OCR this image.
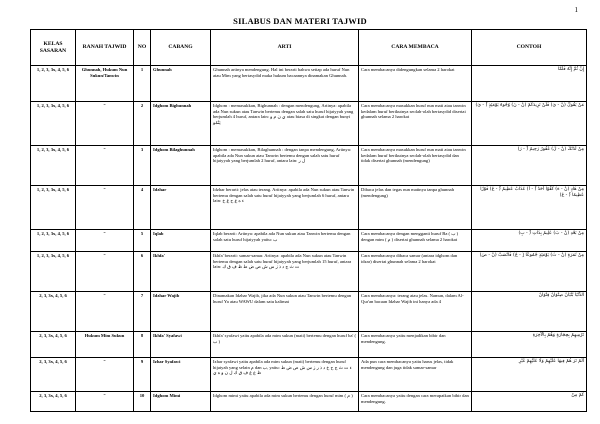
1
SILABUS DAN MATERI TAJWID
KELAS SASARAN	RANAH TAJWID	NO	CABANG	ARTI	CARA MEMBACA	CONTOH
1, 2, 3, 3x, 4, 5, 6	Ghunnah, Hukum Nun Sukun/Tanwin	1	Ghunnah	Ghunnah artinya mendengung. Hal ini berarti bahwa setiap ada huruf Nun atau Mim yang bertasydid maka hukum bacaannya dinamakan Ghunnah.	Cara membacanya didengungkan selama 2 harokat	إِنَّ ثُمَّ إِنَّهُ فَلَمَّا
1, 2, 3, 3x, 4, 5, 6	"	2	Idghom Bighunnah	Idghom : memasukkan, Bighunnah : dengan mendengung, Artinya: apabila ada Nun sukun atau Tanwin bertemu dengan salah satu huruf hijaiyyah yang berjumlah 4 huruf, antara lain: ي ن م و atau biasa di singkat dengan bunyi يَنْمُو	Cara membacanya masukkan huruf nun mati atau tanwin kedalam huruf berikutnya seolah-olah bertasydid disertai ghunnah selama 2 harokat	مَنْ يَقُولُ (نْ - يَ) فَلَنْ نَزِيدَكُمْ (نْ - نَ) وُجُوهٌ يَوْمَئِذٍ (ٌ - يَ)
1, 2, 3, 3x, 4, 5, 6	"	3	Idghom Bilaghunnah	Idghom : memasukkan, Bilaghunnah : dengan tanpa mendengung, Artinya: apabila ada Nun sukun atau Tanwin bertemu dengan salah satu huruf hijaiyyah yang berjumlah 2 huruf, antara lain: ل ر	Cara membacanya masukkan huruf nun mati atau tanwin kedalam huruf berikutnya seolah-olah bertasydid dan tidak disertai ghunnah (mendengung)	مِنْ لَدُنْكَ (نْ - لَ) غَفُورٌ رَحِيمٌ (ٌ - رَ)
1, 2, 3, 3x, 4, 5, 6	"	4	Idzhar	Idzhar berarti: jelas atau terang. Artinya: apabila ada Nun sukun atau Tanwin bertemu dengan salah satu huruf hijaiyyah yang berjumlah 6 huruf, antara lain: ء ه ع ح غ خ	Dibaca jelas dan tegas nun matinya tanpa ghunnah (mendengung)	مِنْ هَادٍ (نْ - هَ) كُفُوًا أَحَدٌ (ً - أَ) عَذَابٌ عَظِيمٌ (ٌ - عَ) فَوْزًا عَظِيمًا (ً - عَ)
1, 2, 3, 3x, 4, 5, 6	"	5	Iqlab	Iqlab berarti: Artinya: apabila ada Nun sukun atau Tanwin bertemu dengan salah satu huruf hijaiyyah yaitu: ب	Cara membacanya dengan mengganti huruf Ba ( ب ) dengan mim ( م ) disertai ghunnah selama 2 harokat	مِنْ بَعْدِ (نْ - بَ) عَلِيمٌ بِذَاتِ (ٌ - بِ)
1, 2, 3, 3x, 4, 5, 6	"	6	Ikhfa'	Ikhfa' berarti: samar-samar. Artinya: apabila ada Nun sukun atau Tanwin bertemu dengan salah satu huruf hijaiyyah yang berjumlah 15 huruf, antara lain: ت ث ج د ذ ز س ش ص ض ط ظ ف ق ك	Cara membacanya dibaca samar (antara idghom dan idzar) disertai ghunnah selama 2 harokat	مِنْ ثَمَرَةٍ (نْ - ثَ) يَوْمَئِذٍ جُمُوعًا (ٍ - جُ) فَانْصَبْ (نْ - صَ)
2, 3, 3x, 4, 5, 6	"	7	Idzhar Wajib	Dinamakan Idzhar Wajib, jika ada Nun sukun atau Tanwin bertemu dengan huruf Ya atau WAWU dalam satu kalimat	Cara membacanya: terang atau jelas. Namun, dalam Al-Qur'an bacaan Idzhar Wajib ini hanya ada 4	الدُّنْيَا بُنْيَانٌ صِنْوَانٌ قِنْوَانٌ
2, 3, 3x, 4, 5, 6	Hukum Mim Sukun	8	Ikhfa' Syafawi	Ikhfa' syafawi yaitu apabila ada mim sukun (mati) bertemu dengan huruf ba' ( ب )	Cara membacanya yaitu menjadikan bibir dan mendengung.	تَرْمِيهِمْ بِحِجَارَةٍ وَهُمْ بِالْآخِرَةِ
2, 3, 3x, 4, 5, 6	"	9	Izhar Syafawi	Izhar syafawi yaitu apabila ada mim sukun (mati) bertemu dengan huruf hijaiyah yang selain م dan ب, yaitu: ء ت ث ج ح خ د ذ ر ز س ش ص ض ط ظ ع غ ف ق ك ل ن و ه ي	Ada pun cara membacanya yaitu harus jelas, tidak mendengung dan juga tidak samar-samar	أَلَمْ تَرَ هُمْ فِيهَا عَلَيْهِمْ وَلَا عَلَيْهِمْ غَيْرِ
2, 3, 3x, 4, 5, 6	"	10	Idghom Mimi	Idghom mimi yaitu apabila ada mim sukun bertemu dengan huruf mim ( م )	Cara membacanya yaitu dengan cara merapatkan bibir dan mendengung.	كَمْ مِنْ
